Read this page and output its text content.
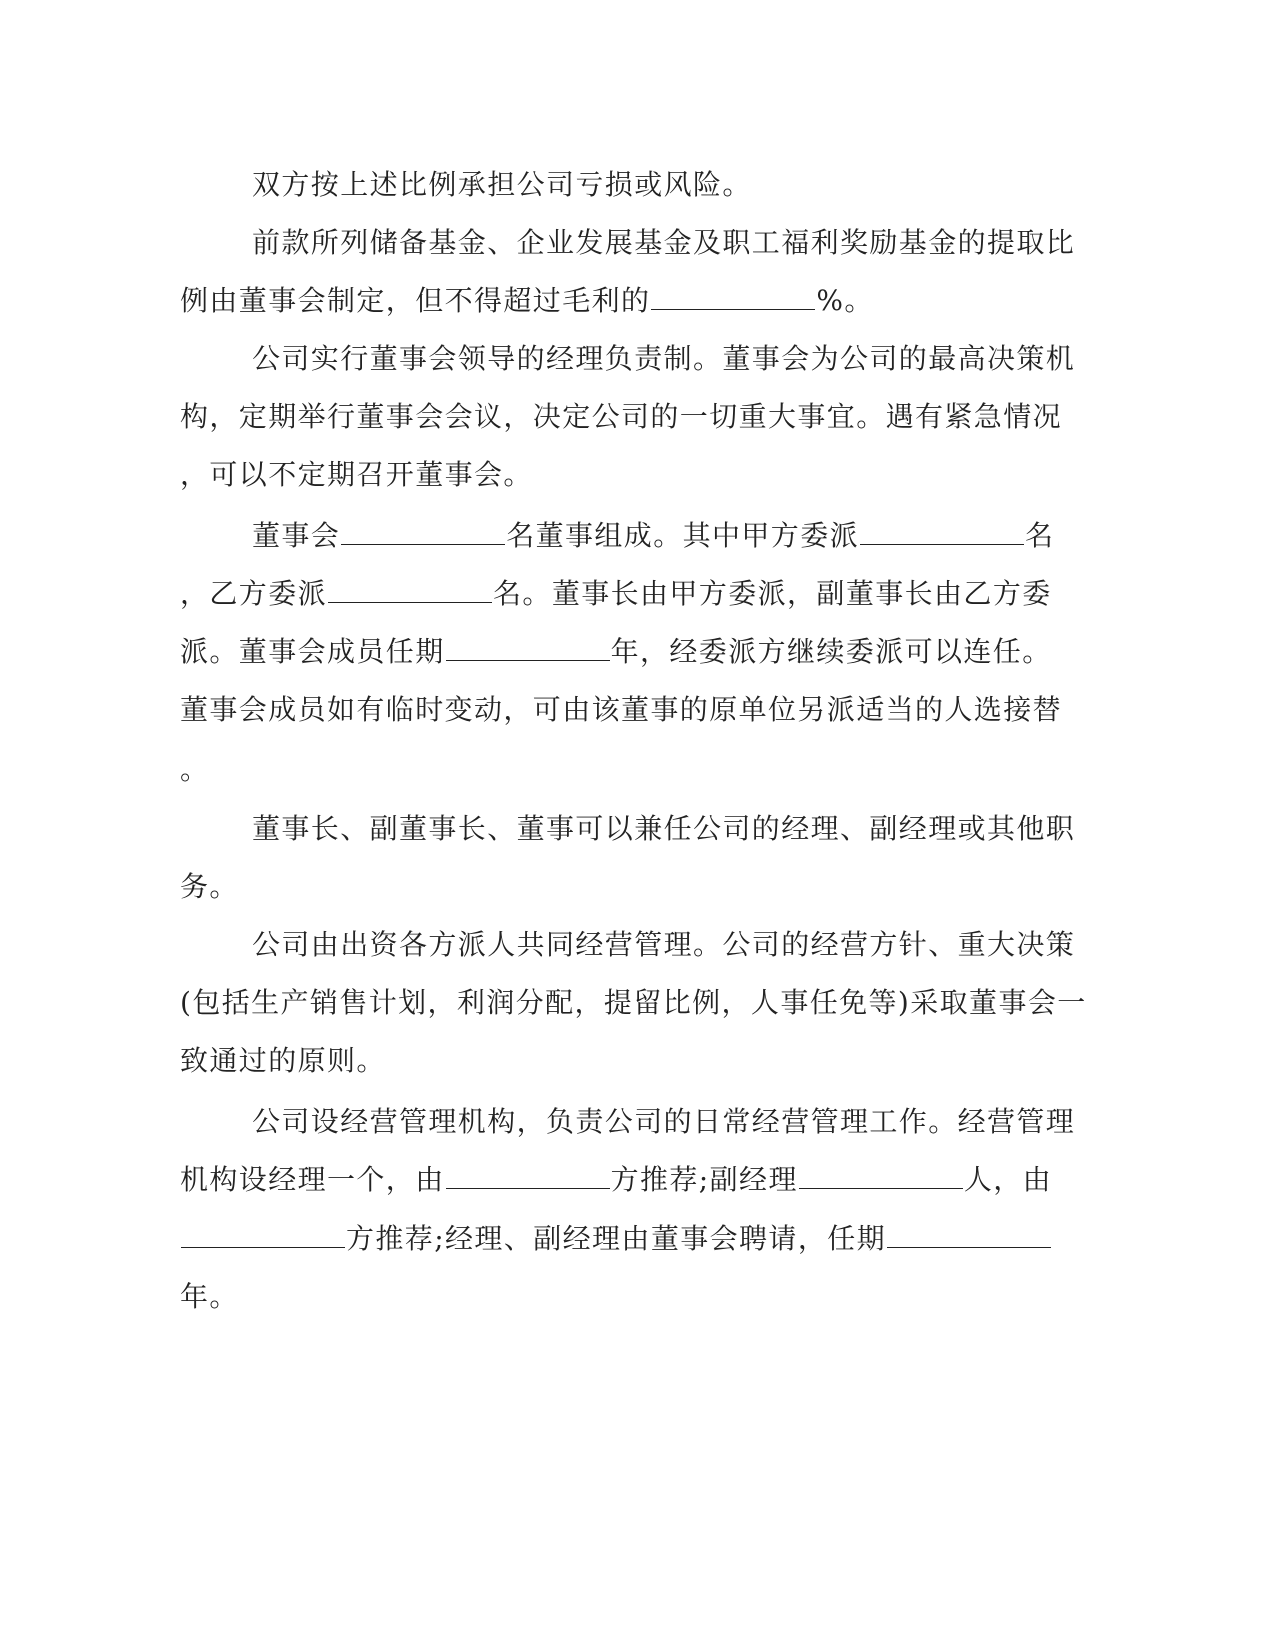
双方按上述比例承担公司亏损或风险。
前款所列储备基金、企业发展基金及职工福利奖励基金的提取比
例由董事会制定，但不得超过毛利的	%。
公司实行董事会领导的经理负责制。董事会为公司的最高决策机
构，定期举行董事会会议，决定公司的一切重大事宜。遇有紧急情况
，可以不定期召开董事会。
董事会	名董事组成。其中甲方委派	名
，乙方委派	名。董事长由甲方委派，副董事长由乙方委
派。董事会成员任期	年，经委派方继续委派可以连任。
董事会成员如有临时变动，可由该董事的原单位另派适当的人选接替
。
董事长、副董事长、董事可以兼任公司的经理、副经理或其他职
务。
公司由出资各方派人共同经营管理。公司的经营方针、重大决策
(包括生产销售计划，利润分配，提留比例，人事任免等)采取董事会一
致通过的原则。
公司设经营管理机构，负责公司的日常经营管理工作。经营管理
机构设经理一个，由	方推荐;副经理	人，由
方推荐;经理、副经理由董事会聘请，任期
年。
